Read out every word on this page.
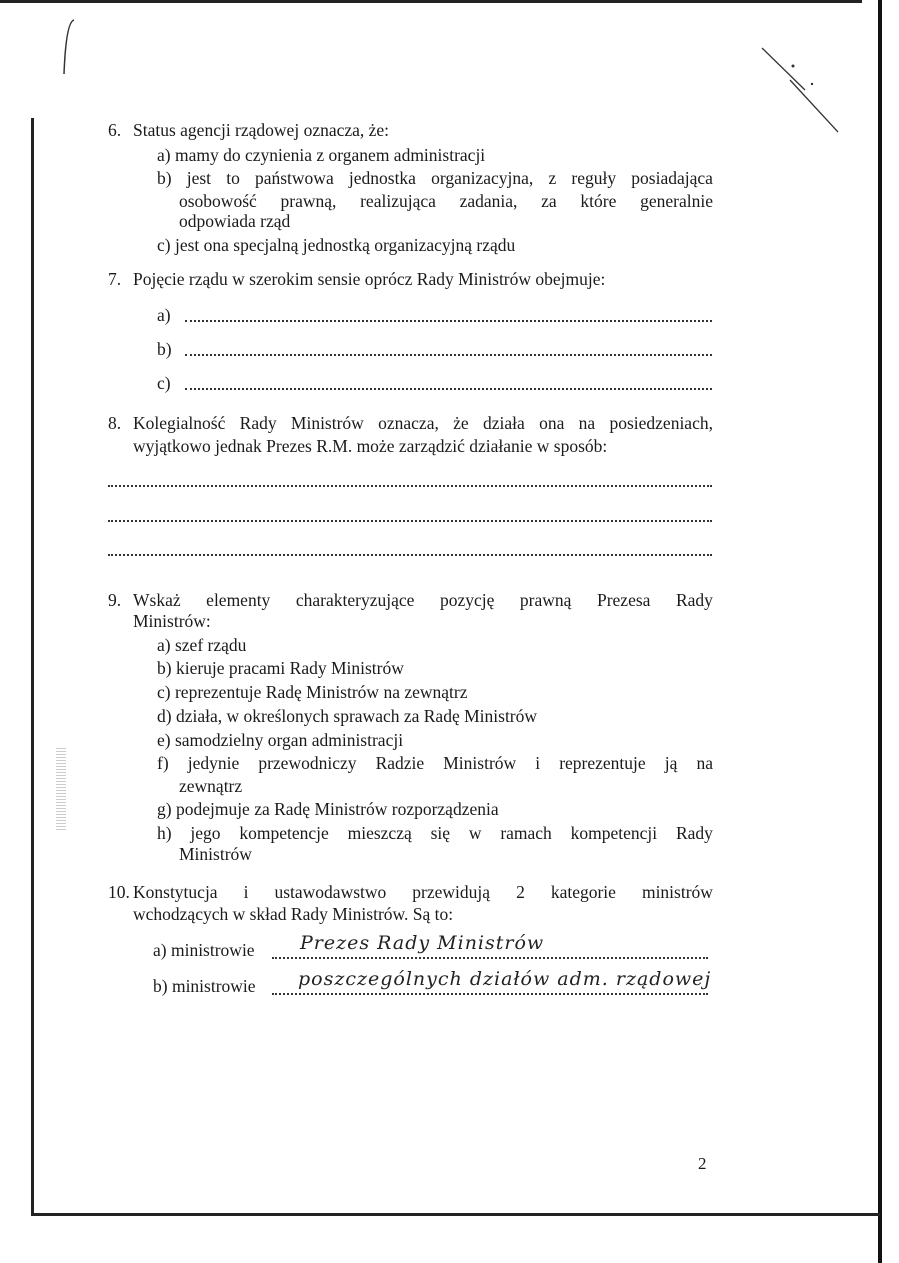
6. Status agencji rządowej oznacza, że:
a) mamy do czynienia z organem administracji
b) jest to państwowa jednostka organizacyjna, z reguły posiadająca
osobowość prawną, realizująca zadania, za które generalnie
odpowiada rząd
c) jest ona specjalną jednostką organizacyjną rządu
7. Pojęcie rządu w szerokim sensie oprócz Rady Ministrów obejmuje:
a)
b)
c)
8. Kolegialność Rady Ministrów oznacza, że działa ona na posiedzeniach,
wyjątkowo jednak Prezes R.M. może zarządzić działanie w sposób:
9. Wskaż elementy charakteryzujące pozycję prawną Prezesa Rady
Ministrów:
a) szef rządu
b) kieruje pracami Rady Ministrów
c) reprezentuje Radę Ministrów na zewnątrz
d) działa, w określonych sprawach za Radę Ministrów
e) samodzielny organ administracji
f) jedynie przewodniczy Radzie Ministrów i reprezentuje ją na
zewnątrz
g) podejmuje za Radę Ministrów rozporządzenia
h) jego kompetencje mieszczą się w ramach kompetencji Rady
Ministrów
10. Konstytucja i ustawodawstwo przewidują 2 kategorie ministrów
wchodzących w skład Rady Ministrów. Są to:
a) ministrowie Prezes Rady Ministrów
b) ministrowie poszczególnych działów adm. rządowej
2
